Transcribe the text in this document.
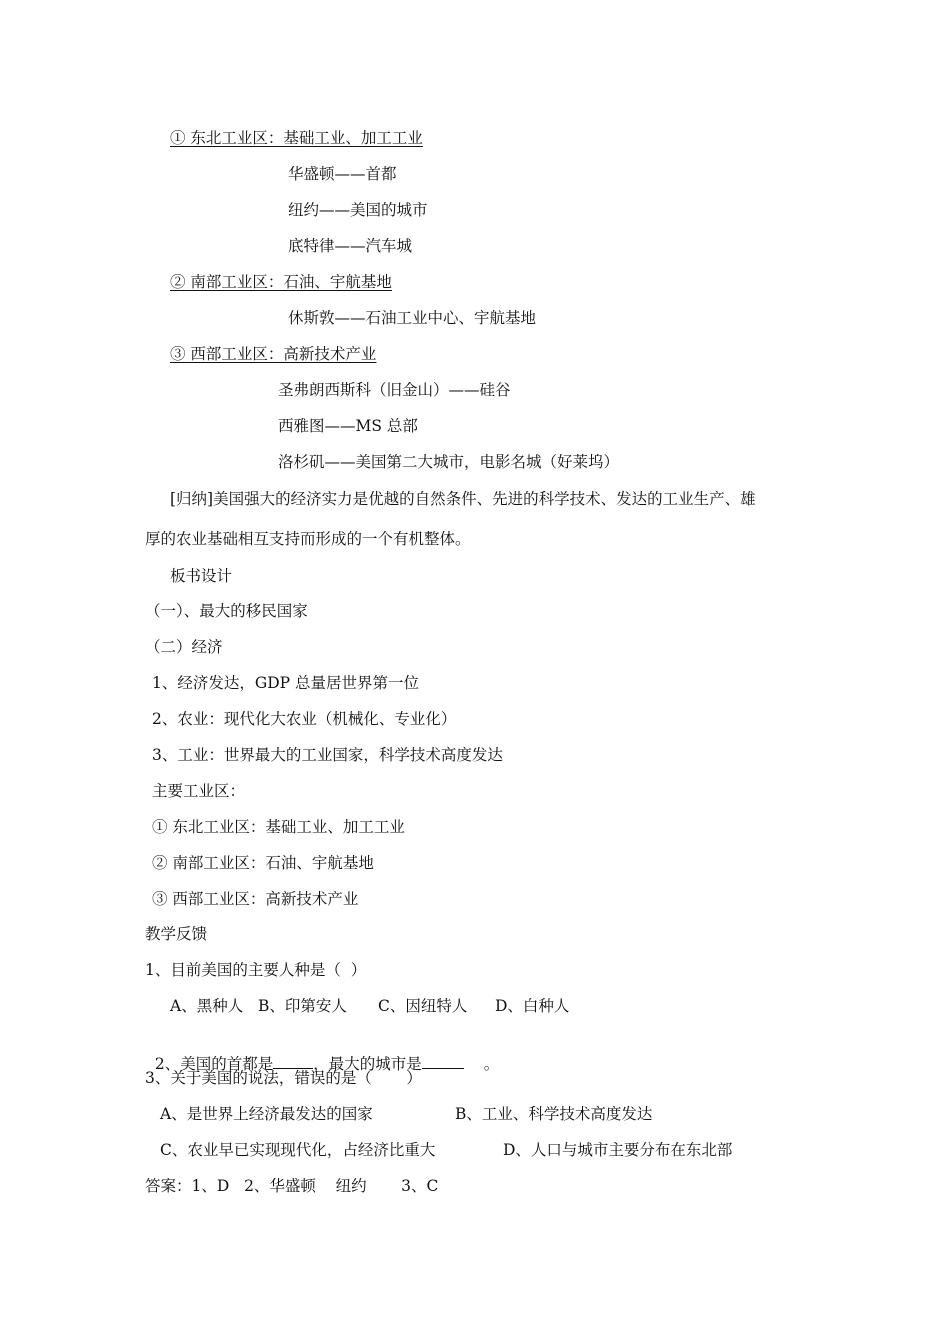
① 东北工业区：基础工业、加工工业
华盛顿——首都
纽约——美国的城市
底特律——汽车城
② 南部工业区：石油、宇航基地
休斯敦——石油工业中心、宇航基地
③ 西部工业区：高新技术产业
圣弗朗西斯科（旧金山）——硅谷
西雅图——MS 总部
洛杉矶——美国第二大城市，电影名城（好莱坞）
[归纳]美国强大的经济实力是优越的自然条件、先进的科学技术、发达的工业生产、雄
厚的农业基础相互支持而形成的一个有机整体。
板书设计
（一）、最大的移民国家
（二）经济
1、经济发达，GDP 总量居世界第一位
2、农业：现代化大农业（机械化、专业化）
3、工业：世界最大的工业国家，科学技术高度发达
主要工业区：
① 东北工业区：基础工业、加工工业
② 南部工业区：石油、宇航基地
③ 西部工业区：高新技术产业
教学反馈
1、目前美国的主要人种是（  ）
A、黑种人 B、印第安人 C、因纽特人 D、白种人

2、美国的首都是	，最大的城市是	。

3、关于美国的说法，错误的是（       ）
A、是世界上经济最发达的国家	B、工业、科学技术高度发达
C、农业早已实现现代化，占经济比重大	D、人口与城市主要分布在东北部
答案：1、D   2、华盛顿    纽约       3、C
